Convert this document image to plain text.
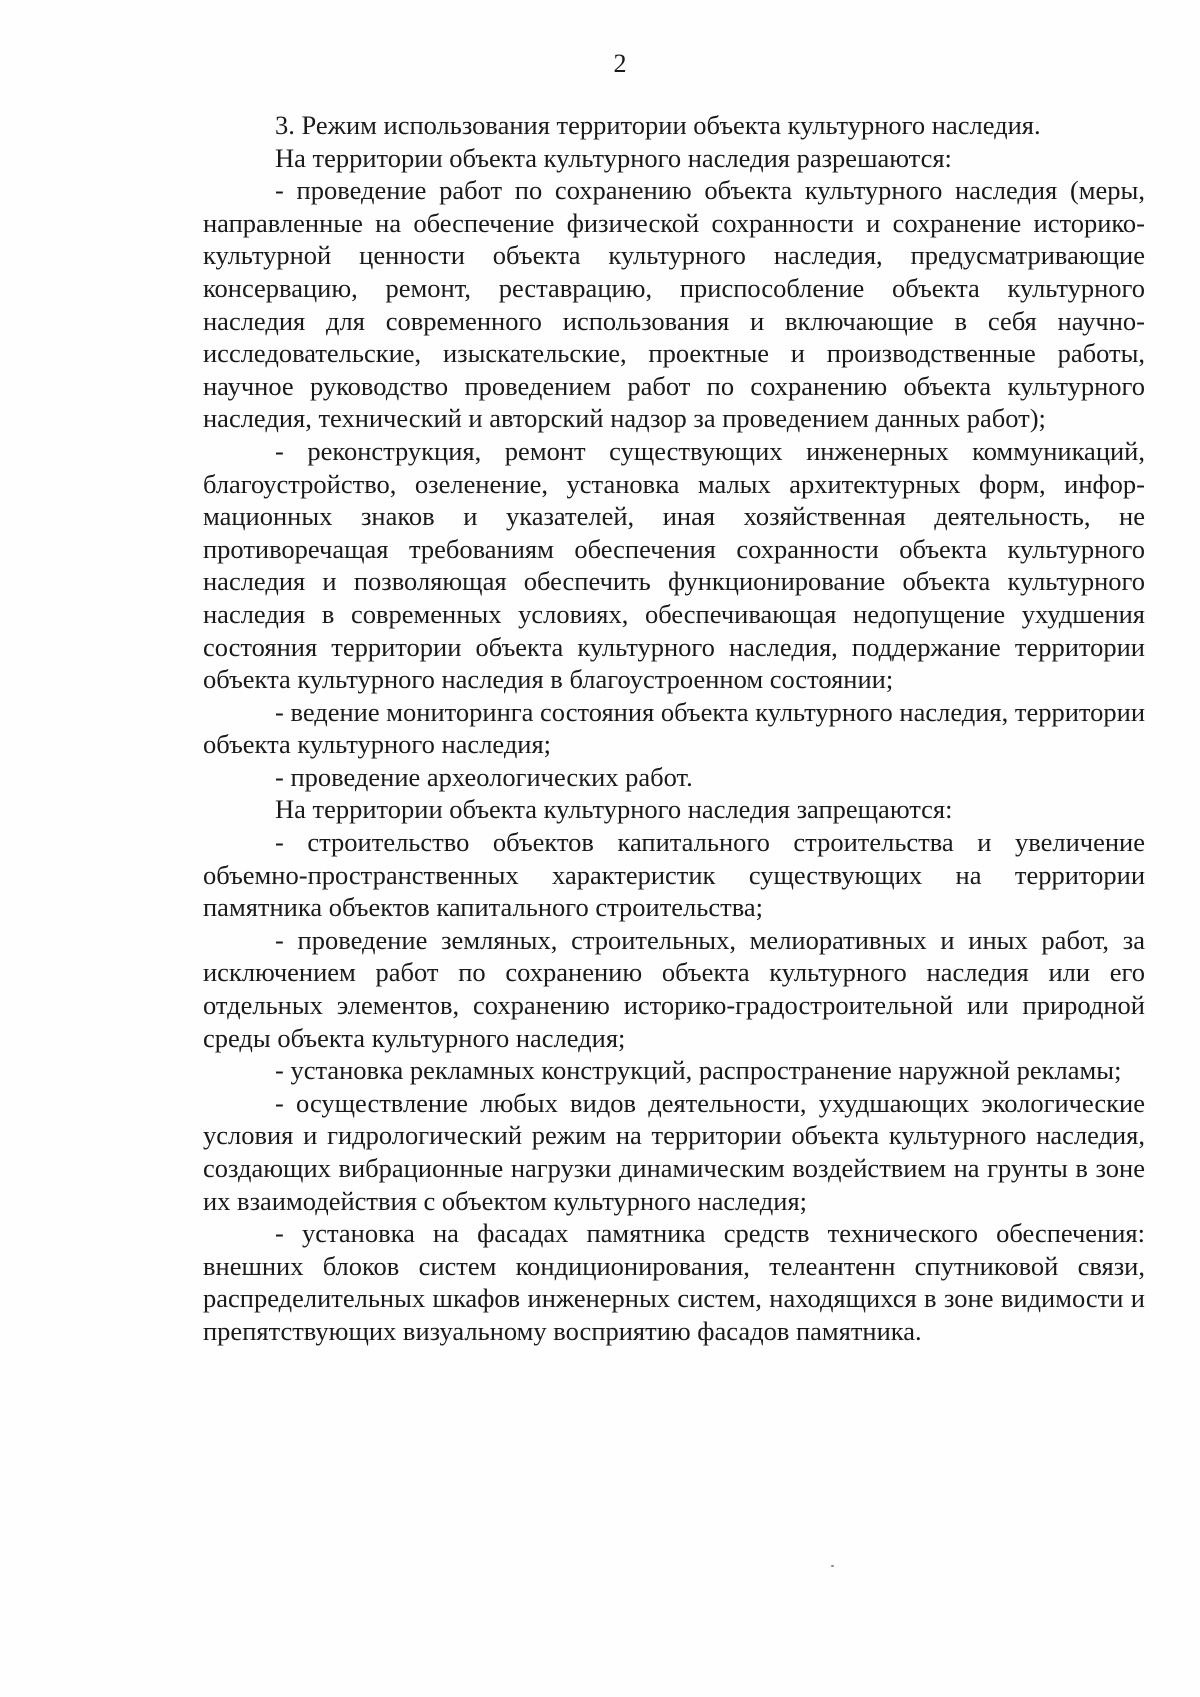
2

3. Режим использования территории объекта культурного наследия.

На территории объекта культурного наследия разрешаются:

- проведение работ по сохранению объекта культурного наследия (меры, направленные на обеспечение физической сохранности и сохранение историко-культурной ценности объекта культурного наследия, предусматривающие консервацию, ремонт, реставрацию, приспособление объекта культурного наследия для современного использования и включающие в себя научно-исследовательские, изыскательские, проектные и производственные работы, научное руководство проведением работ по сохранению объекта культурного наследия, технический и авторский надзор за проведением данных работ);

- реконструкция, ремонт существующих инженерных коммуникаций, благоустройство, озеленение, установка малых архитектурных форм, информационных знаков и указателей, иная хозяйственная деятельность, не противоречащая требованиям обеспечения сохранности объекта культурного наследия и позволяющая обеспечить функционирование объекта культурного наследия в современных условиях, обеспечивающая недопущение ухудшения состояния территории объекта культурного наследия, поддержание территории объекта культурного наследия в благоустроенном состоянии;

- ведение мониторинга состояния объекта культурного наследия, территории объекта культурного наследия;

- проведение археологических работ.

На территории объекта культурного наследия запрещаются:

- строительство объектов капитального строительства и увеличение объемно-пространственных характеристик существующих на территории памятника объектов капитального строительства;

- проведение земляных, строительных, мелиоративных и иных работ, за исключением работ по сохранению объекта культурного наследия или его отдельных элементов, сохранению историко-градостроительной или природной среды объекта культурного наследия;

- установка рекламных конструкций, распространение наружной рекламы;

- осуществление любых видов деятельности, ухудшающих экологические условия и гидрологический режим на территории объекта культурного наследия, создающих вибрационные нагрузки динамическим воздействием на грунты в зоне их взаимодействия с объектом культурного наследия;

- установка на фасадах памятника средств технического обеспечения: внешних блоков систем кондиционирования, телеантенн спутниковой связи, распределительных шкафов инженерных систем, находящихся в зоне видимости и препятствующих визуальному восприятию фасадов памятника.
